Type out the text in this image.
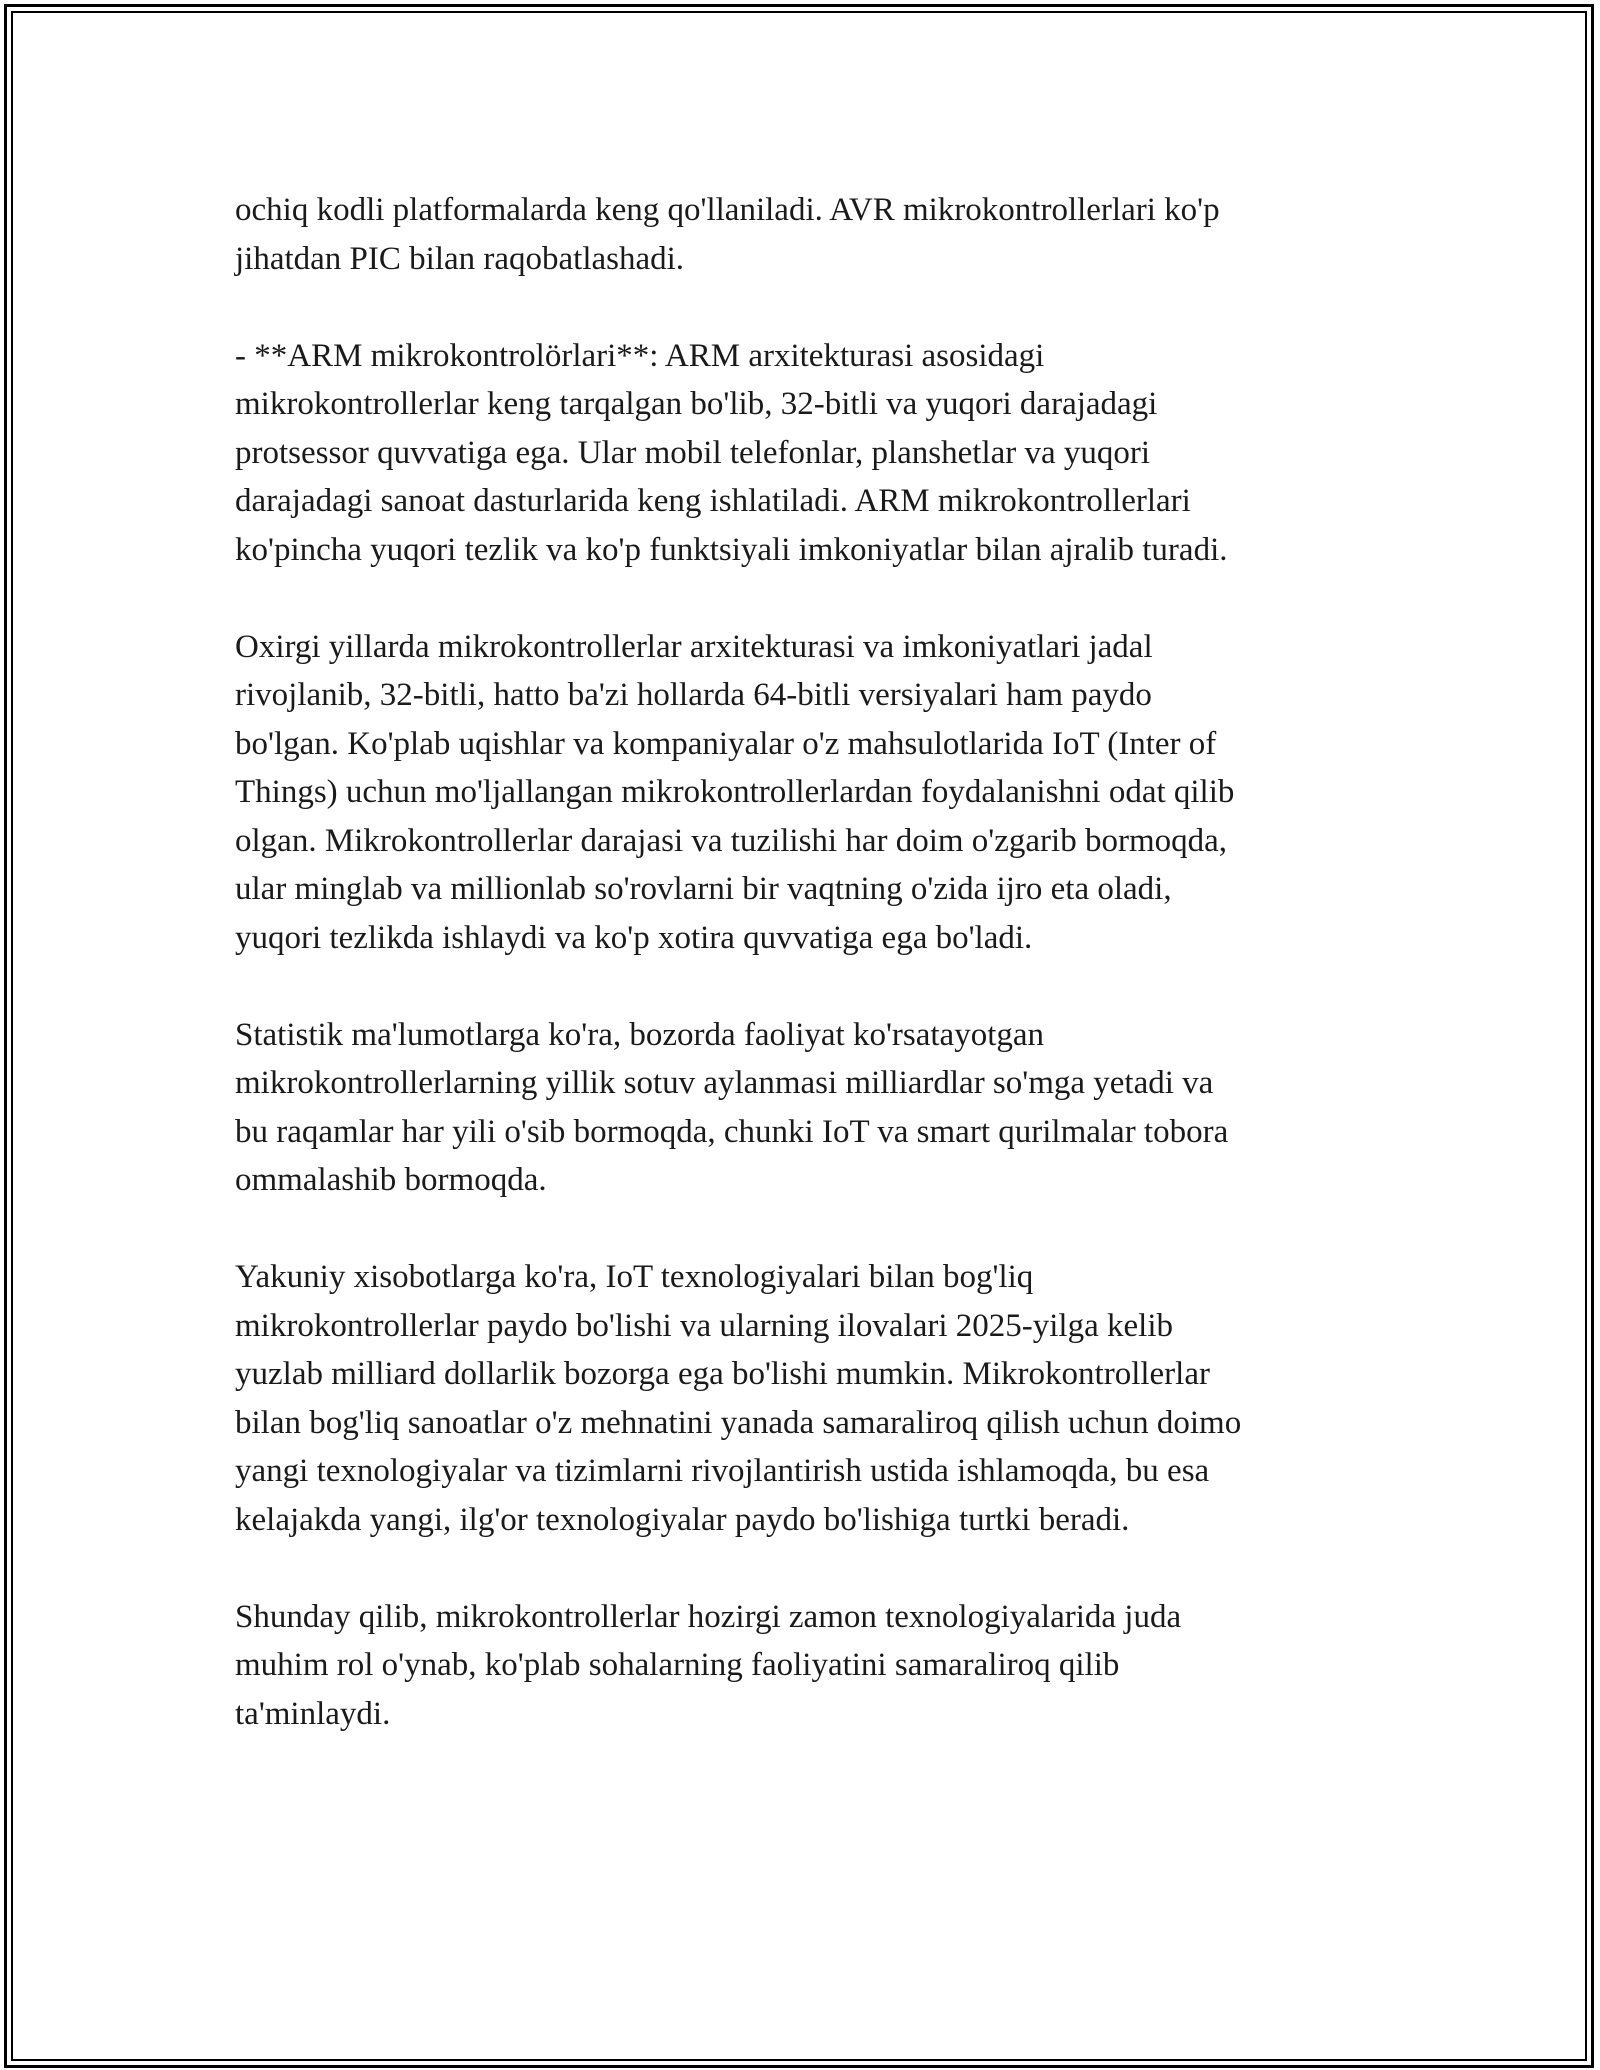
ochiq kodli platformalarda keng qo'llaniladi. AVR mikrokontrollerlari ko'p
jihatdan PIC bilan raqobatlashadi.

- **ARM mikrokontrolörlari**: ARM arxitekturasi asosidagi
mikrokontrollerlar keng tarqalgan bo'lib, 32-bitli va yuqori darajadagi
protsessor quvvatiga ega. Ular mobil telefonlar, planshetlar va yuqori
darajadagi sanoat dasturlarida keng ishlatiladi. ARM mikrokontrollerlari
ko'pincha yuqori tezlik va ko'p funktsiyali imkoniyatlar bilan ajralib turadi.

Oxirgi yillarda mikrokontrollerlar arxitekturasi va imkoniyatlari jadal
rivojlanib, 32-bitli, hatto ba'zi hollarda 64-bitli versiyalari ham paydo
bo'lgan. Ko'plab uqishlar va kompaniyalar o'z mahsulotlarida IoT (Inter of
Things) uchun mo'ljallangan mikrokontrollerlardan foydalanishni odat qilib
olgan. Mikrokontrollerlar darajasi va tuzilishi har doim o'zgarib bormoqda,
ular minglab va millionlab so'rovlarni bir vaqtning o'zida ijro eta oladi,
yuqori tezlikda ishlaydi va ko'p xotira quvvatiga ega bo'ladi.

Statistik ma'lumotlarga ko'ra, bozorda faoliyat ko'rsatayotgan
mikrokontrollerlarning yillik sotuv aylanmasi milliardlar so'mga yetadi va
bu raqamlar har yili o'sib bormoqda, chunki IoT va smart qurilmalar tobora
ommalashib bormoqda.

Yakuniy xisobotlarga ko'ra, IoT texnologiyalari bilan bog'liq
mikrokontrollerlar paydo bo'lishi va ularning ilovalari 2025-yilga kelib
yuzlab milliard dollarlik bozorga ega bo'lishi mumkin. Mikrokontrollerlar
bilan bog'liq sanoatlar o'z mehnatini yanada samaraliroq qilish uchun doimo
yangi texnologiyalar va tizimlarni rivojlantirish ustida ishlamoqda, bu esa
kelajakda yangi, ilg'or texnologiyalar paydo bo'lishiga turtki beradi.

Shunday qilib, mikrokontrollerlar hozirgi zamon texnologiyalarida juda
muhim rol o'ynab, ko'plab sohalarning faoliyatini samaraliroq qilib
ta'minlaydi.
